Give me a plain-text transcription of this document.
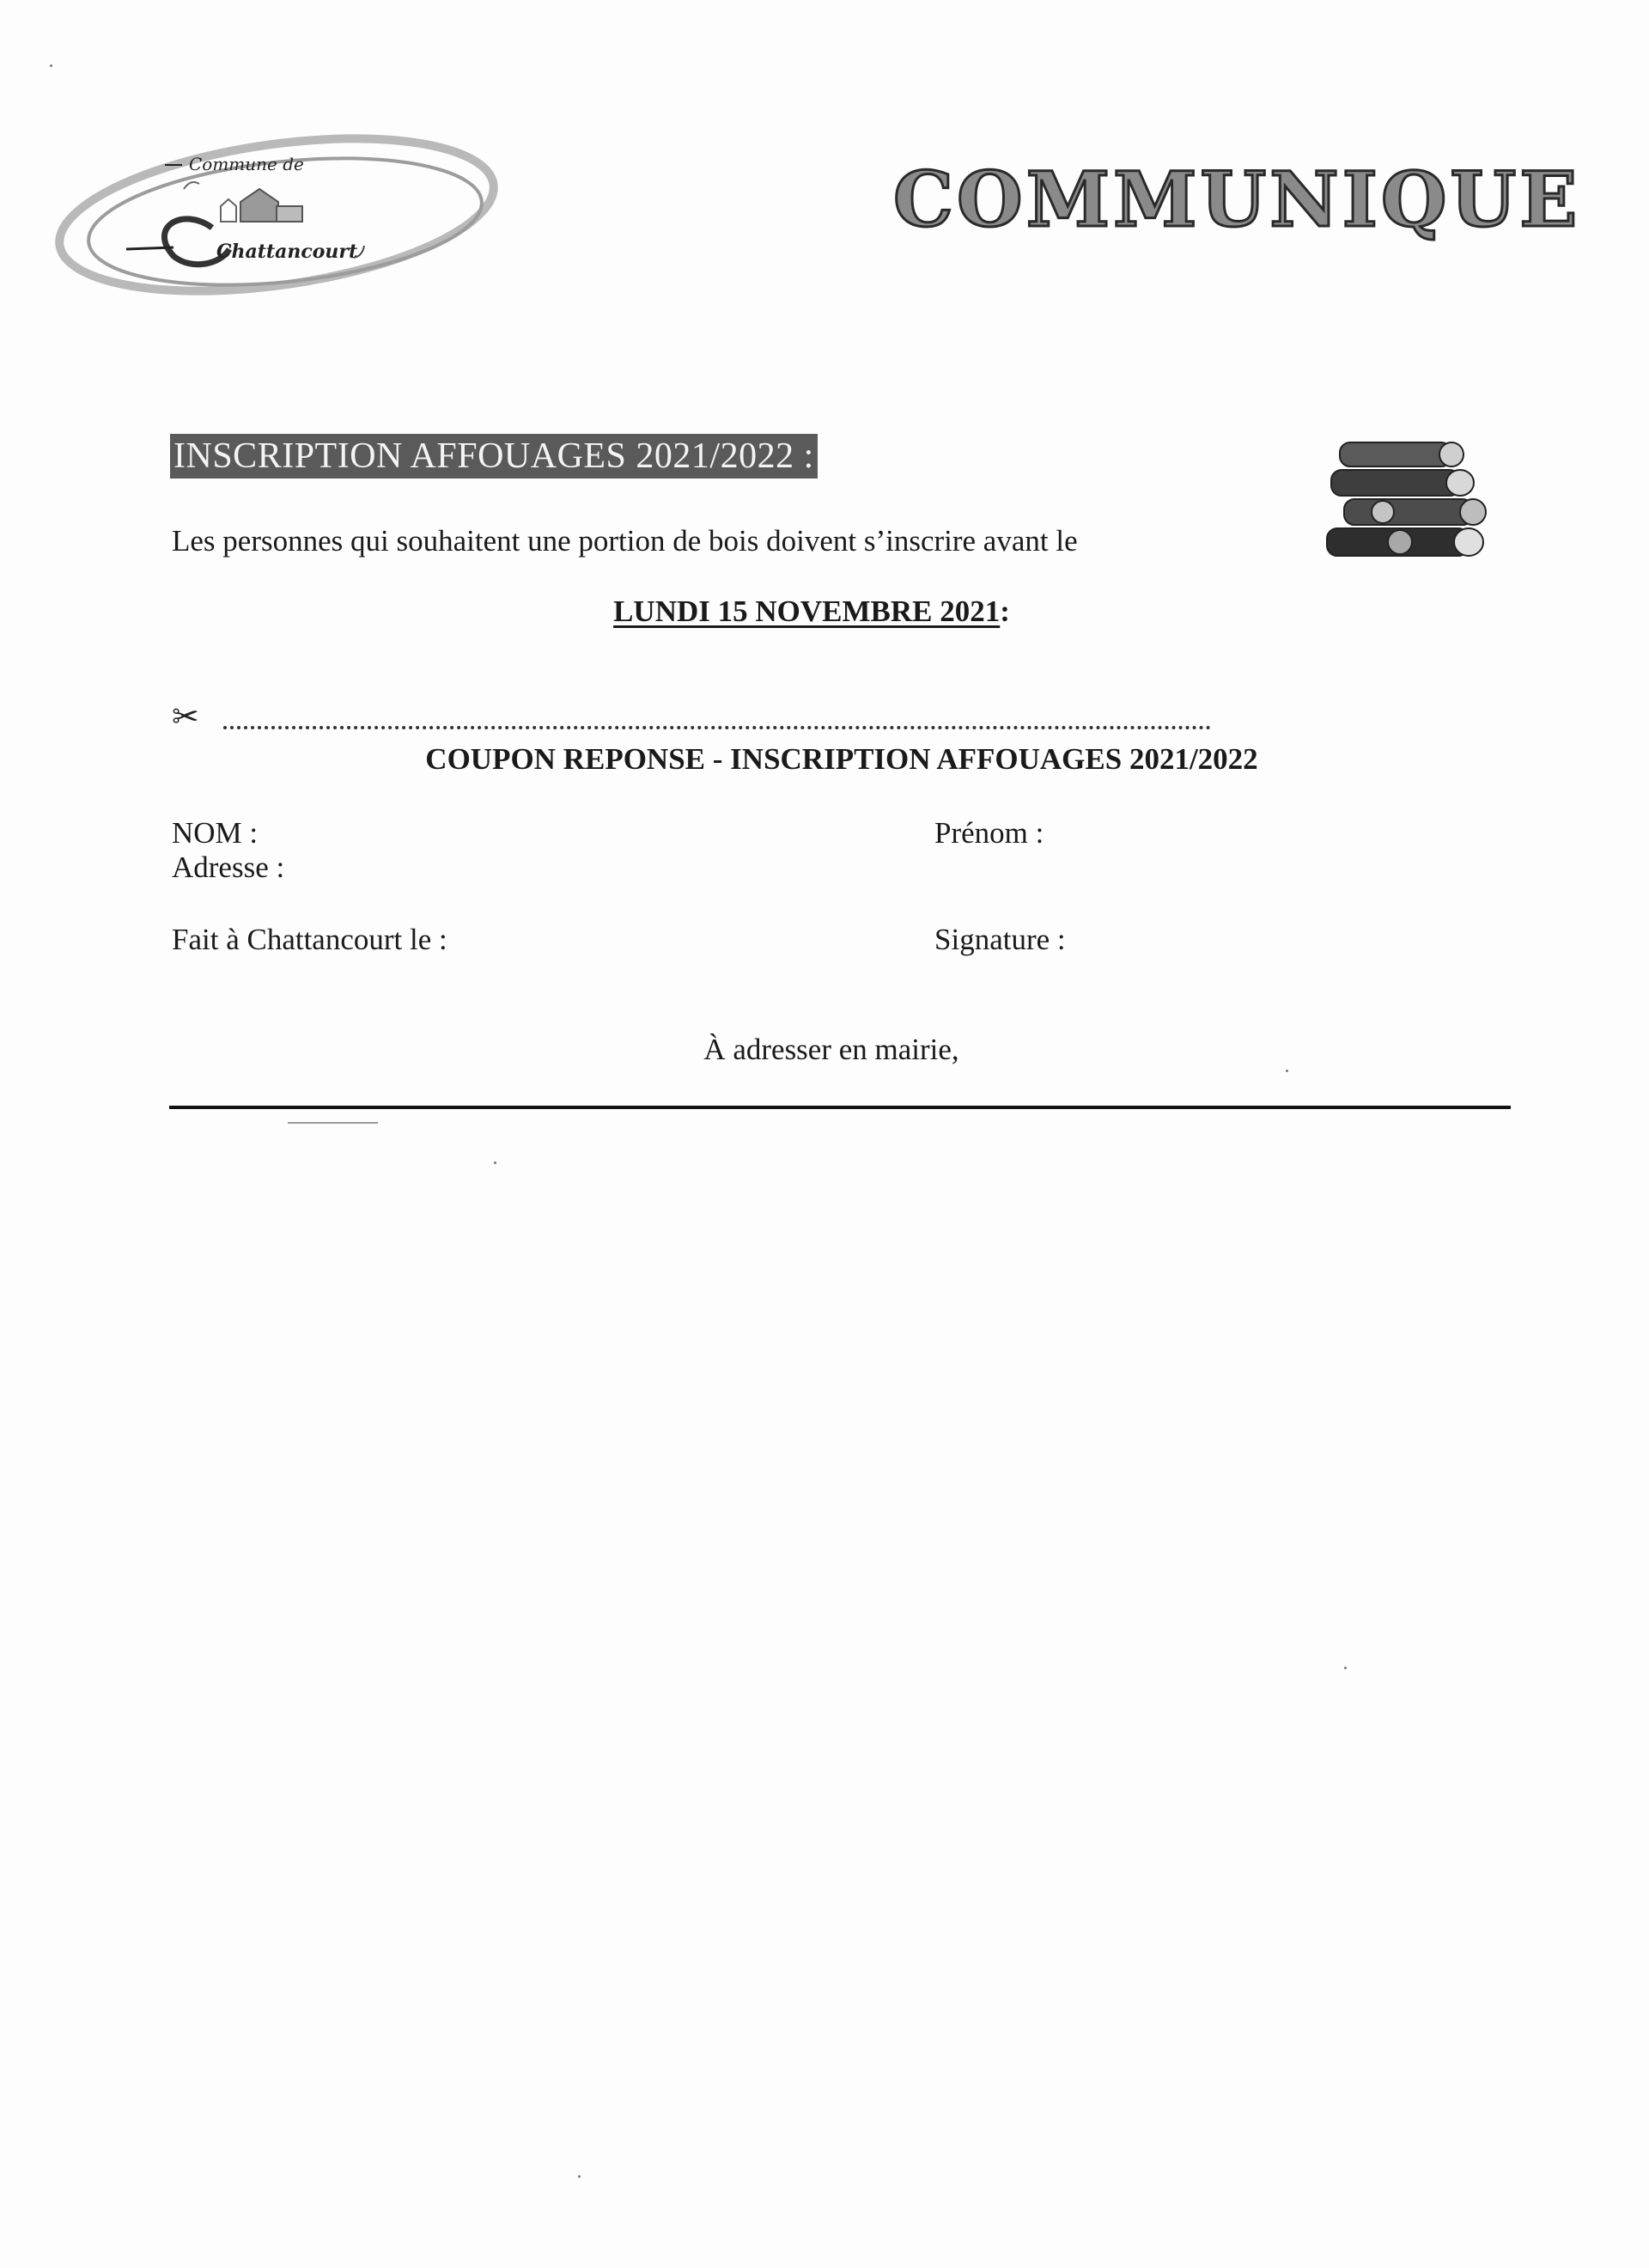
Commune de
Chattancourt
COMMUNIQUE
INSCRIPTION AFFOUAGES 2021/2022 :
Les personnes qui souhaitent une portion de bois doivent s’inscrire avant le
LUNDI 15 NOVEMBRE 2021:
✂
COUPON REPONSE - INSCRIPTION AFFOUAGES 2021/2022
NOM :
Adresse :
Prénom :
Fait à Chattancourt le :	Signature :
À adresser en mairie,
